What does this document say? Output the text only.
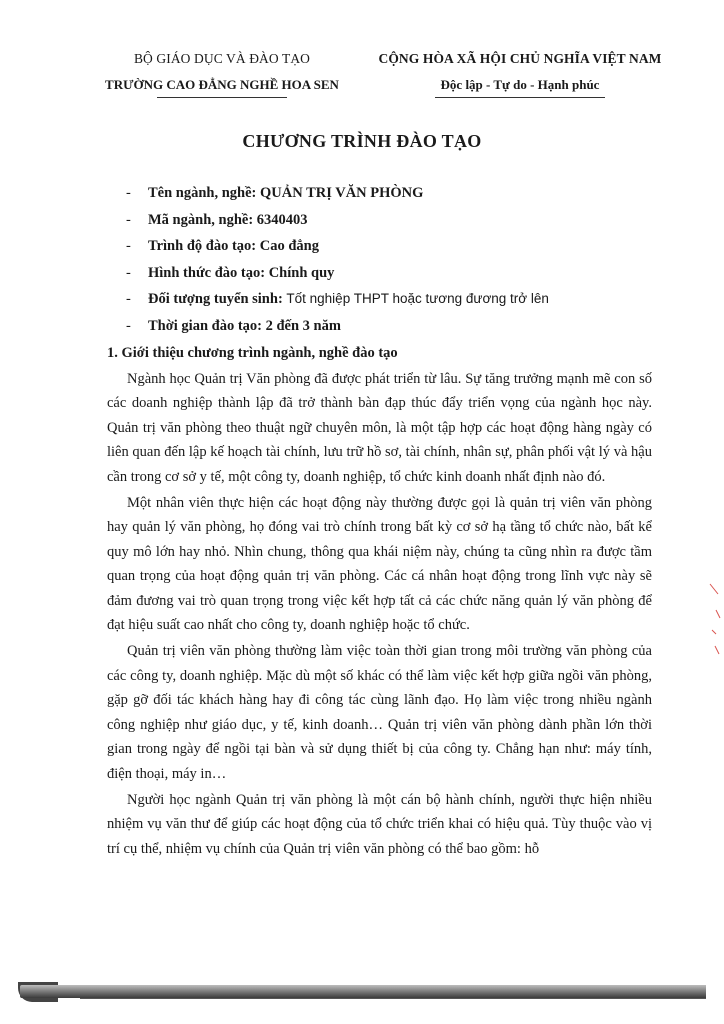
BỘ GIÁO DỤC VÀ ĐÀO TẠO
TRƯỜNG CAO ĐẲNG NGHỀ HOA SEN
CỘNG HÒA XÃ HỘI CHỦ NGHĨA VIỆT NAM
Độc lập - Tự do - Hạnh phúc
CHƯƠNG TRÌNH ĐÀO TẠO
- Tên ngành, nghề: QUẢN TRỊ VĂN PHÒNG
- Mã ngành, nghề: 6340403
- Trình độ đào tạo: Cao đẳng
- Hình thức đào tạo: Chính quy
- Đối tượng tuyển sinh: Tốt nghiệp THPT hoặc tương đương trở lên
- Thời gian đào tạo: 2 đến 3 năm
1. Giới thiệu chương trình ngành, nghề đào tạo

Ngành học Quản trị Văn phòng đã được phát triển từ lâu. Sự tăng trưởng mạnh mẽ con số các doanh nghiệp thành lập đã trở thành bàn đạp thúc đẩy triển vọng của ngành học này. Quản trị văn phòng theo thuật ngữ chuyên môn, là một tập hợp các hoạt động hàng ngày có liên quan đến lập kế hoạch tài chính, lưu trữ hồ sơ, tài chính, nhân sự, phân phối vật lý và hậu cần trong cơ sở y tế, một công ty, doanh nghiệp, tổ chức kinh doanh nhất định nào đó.

Một nhân viên thực hiện các hoạt động này thường được gọi là quản trị viên văn phòng hay quản lý văn phòng, họ đóng vai trò chính trong bất kỳ cơ sở hạ tầng tổ chức nào, bất kể quy mô lớn hay nhỏ. Nhìn chung, thông qua khái niệm này, chúng ta cũng nhìn ra được tầm quan trọng của hoạt động quản trị văn phòng. Các cá nhân hoạt động trong lĩnh vực này sẽ đảm đương vai trò quan trọng trong việc kết hợp tất cả các chức năng quản lý văn phòng để đạt hiệu suất cao nhất cho công ty, doanh nghiệp hoặc tổ chức.

Quản trị viên văn phòng thường làm việc toàn thời gian trong môi trường văn phòng của các công ty, doanh nghiệp. Mặc dù một số khác có thể làm việc kết hợp giữa ngồi văn phòng, gặp gỡ đối tác khách hàng hay đi công tác cùng lãnh đạo. Họ làm việc trong nhiều ngành công nghiệp như giáo dục, y tế, kinh doanh… Quản trị viên văn phòng dành phần lớn thời gian trong ngày để ngồi tại bàn và sử dụng thiết bị của công ty. Chẳng hạn như: máy tính, điện thoại, máy in…

Người học ngành Quản trị văn phòng là một cán bộ hành chính, người thực hiện nhiều nhiệm vụ văn thư để giúp các hoạt động của tổ chức triển khai có hiệu quả. Tùy thuộc vào vị trí cụ thể, nhiệm vụ chính của Quản trị viên văn phòng có thể bao gồm: hỗ
